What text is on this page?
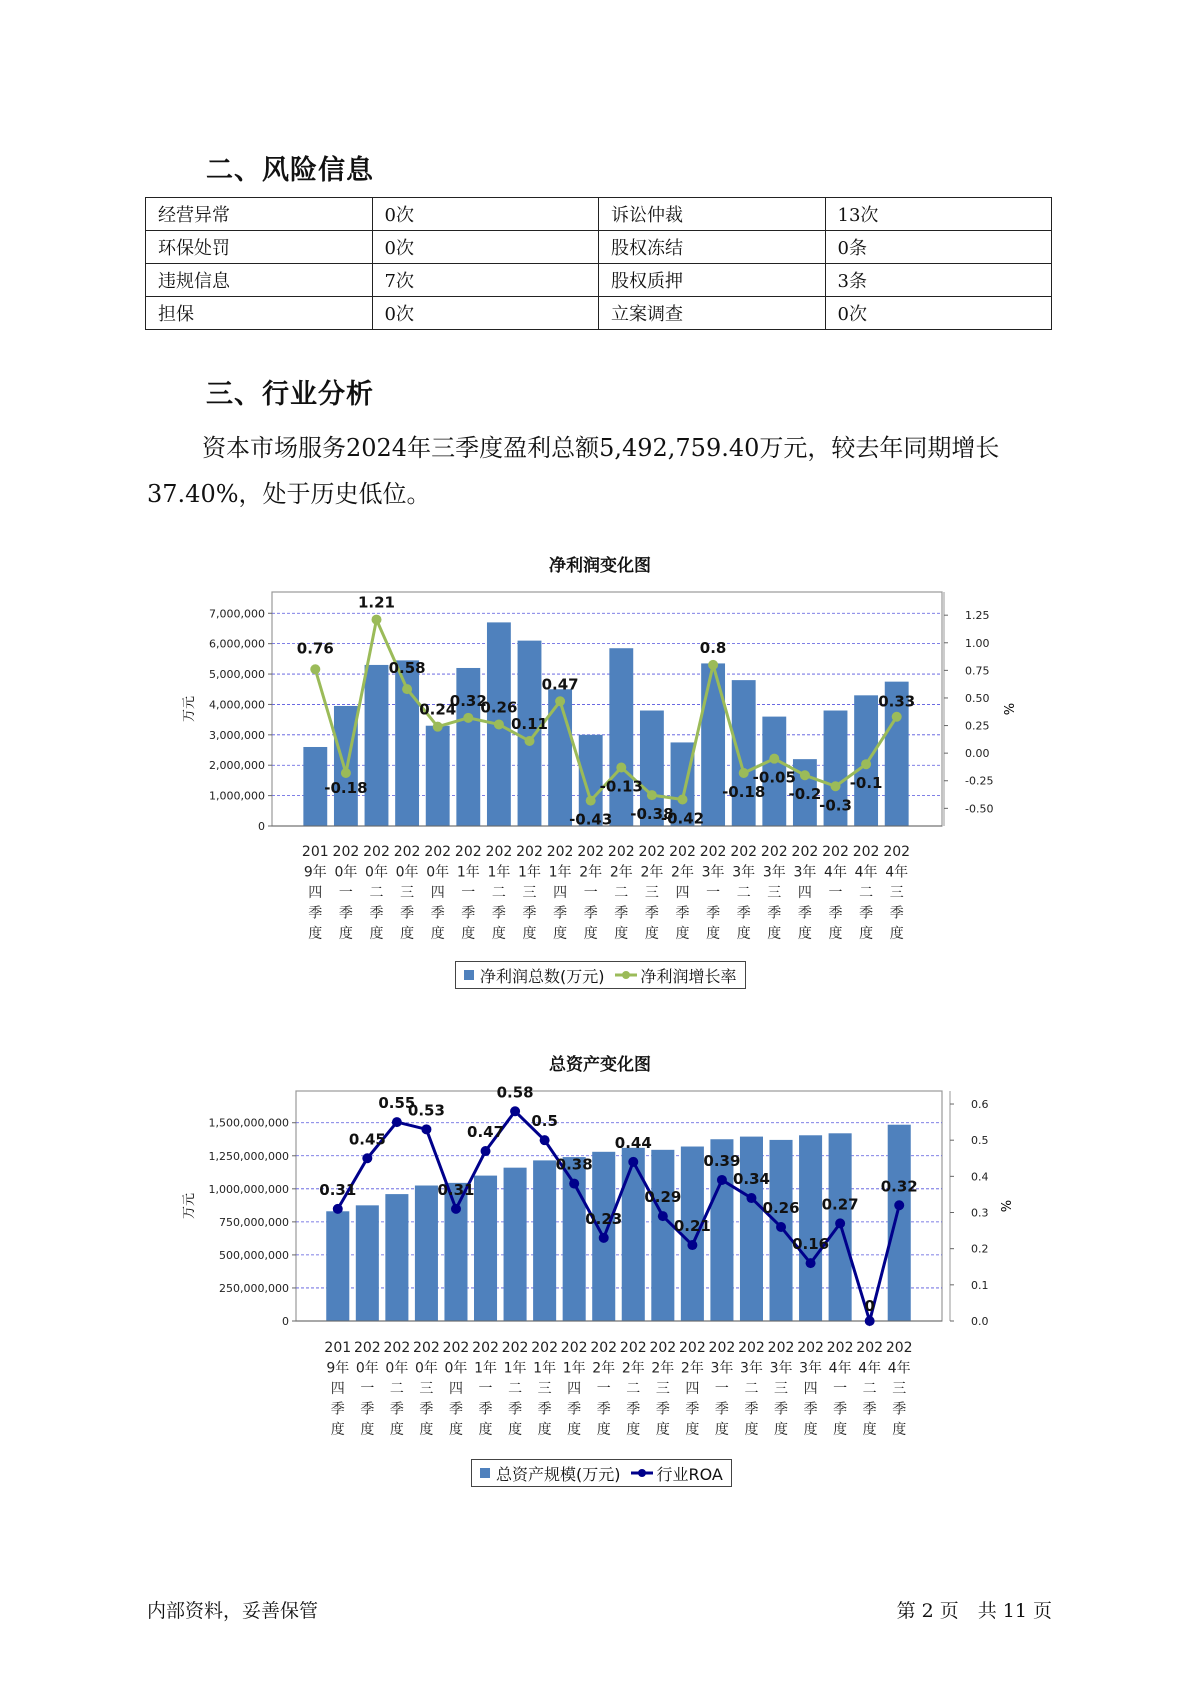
二、风险信息
经营异常	0次	诉讼仲裁	13次
环保处罚	0次	股权冻结	0条
违规信息	7次	股权质押	3条
担保	0次	立案调查	0次
三、行业分析
资本市场服务2024年三季度盈利总额5,492,759.40万元，较去年同期增长37.40%，处于历史低位。
净利润变化图
0
1,000,000
2,000,000
3,000,000
4,000,000
5,000,000
6,000,000
7,000,000
-0.50
-0.25
0.00
0.25
0.50
0.75
1.00
1.25
万元	%
0.76
-0.18
1.21
0.58
0.24
0.32
0.26
0.11
0.47
-0.43
-0.13
-0.38
-0.42
0.8
-0.18
-0.05
-0.2
-0.3
-0.1
0.33
201
9年
四
季
度
202
0年
一
季
度
202
0年
二
季
度
202
0年
三
季
度
202
0年
四
季
度
202
1年
一
季
度
202
1年
二
季
度
202
1年
三
季
度
202
1年
四
季
度
202
2年
一
季
度
202
2年
二
季
度
202
2年
三
季
度
202
2年
四
季
度
202
3年
一
季
度
202
3年
二
季
度
202
3年
三
季
度
202
3年
四
季
度
202
4年
一
季
度
202
4年
二
季
度
202
4年
三
季
度
净利润总数(万元) 净利润增长率
总资产变化图
0
250,000,000
500,000,000
750,000,000
1,000,000,000
1,250,000,000
1,500,000,000
0.0
0.1
0.2
0.3
0.4
0.5
0.6
万元	%
0.31
0.45
0.55
0.53
0.31
0.47
0.58
0.5
0.38
0.23
0.44
0.29
0.21
0.39
0.34
0.26
0.16
0.27
0
0.32
201
9年
四
季
度
202
0年
一
季
度
202
0年
二
季
度
202
0年
三
季
度
202
0年
四
季
度
202
1年
一
季
度
202
1年
二
季
度
202
1年
三
季
度
202
1年
四
季
度
202
2年
一
季
度
202
2年
二
季
度
202
2年
三
季
度
202
2年
四
季
度
202
3年
一
季
度
202
3年
二
季
度
202
3年
三
季
度
202
3年
四
季
度
202
4年
一
季
度
202
4年
二
季
度
202
4年
三
季
度
总资产规模(万元) 行业ROA
内部资料，妥善保管	第 2 页　共 11 页
